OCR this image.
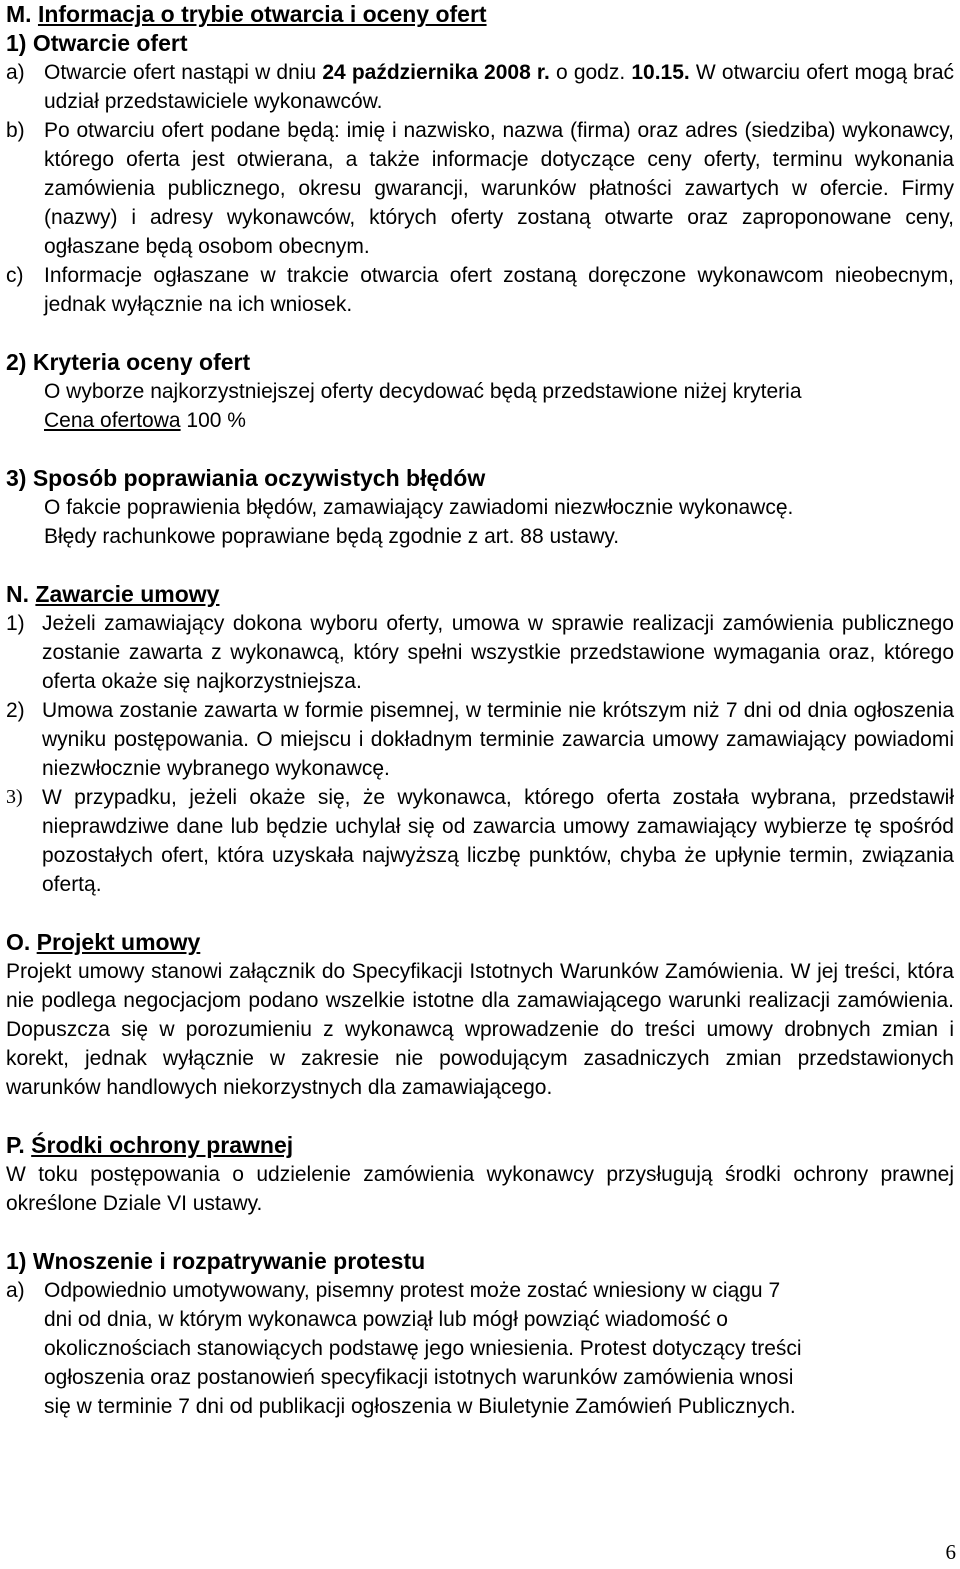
M. Informacja o trybie otwarcia i oceny ofert

1) Otwarcie ofert

a) Otwarcie ofert nastąpi w dniu 24 października 2008 r. o godz. 10.15. W otwarciu ofert mogą brać udział przedstawiciele wykonawców.
b) Po otwarciu ofert podane będą: imię i nazwisko, nazwa (firma) oraz adres (siedziba) wykonawcy, którego oferta jest otwierana, a także informacje dotyczące ceny oferty, terminu wykonania zamówienia publicznego, okresu gwarancji, warunków płatności zawartych w ofercie. Firmy (nazwy) i adresy wykonawców, których oferty zostaną otwarte oraz zaproponowane ceny, ogłaszane będą osobom obecnym.
c) Informacje ogłaszane w trakcie otwarcia ofert zostaną doręczone wykonawcom nieobecnym, jednak wyłącznie na ich wniosek.

2) Kryteria oceny ofert

O wyborze najkorzystniejszej oferty decydować będą przedstawione niżej kryteria

Cena ofertowa 100 %

3) Sposób poprawiania oczywistych błędów

O fakcie poprawienia błędów, zamawiający zawiadomi niezwłocznie wykonawcę.

Błędy rachunkowe poprawiane będą zgodnie z art. 88 ustawy.

N. Zawarcie umowy

1) Jeżeli zamawiający dokona wyboru oferty, umowa w sprawie realizacji zamówienia publicznego zostanie zawarta z wykonawcą, który spełni wszystkie przedstawione wymagania oraz, którego oferta okaże się najkorzystniejsza.
2) Umowa zostanie zawarta w formie pisemnej, w terminie nie krótszym niż 7 dni od dnia ogłoszenia wyniku postępowania. O miejscu i dokładnym terminie zawarcia umowy zamawiający powiadomi niezwłocznie wybranego wykonawcę.
3) W przypadku, jeżeli okaże się, że wykonawca, którego oferta została wybrana, przedstawił nieprawdziwe dane lub będzie uchylał się od zawarcia umowy zamawiający wybierze tę spośród pozostałych ofert, która uzyskała najwyższą liczbę punktów, chyba że upłynie termin, związania ofertą.

O. Projekt umowy

Projekt umowy stanowi załącznik do Specyfikacji Istotnych Warunków Zamówienia. W jej treści, która nie podlega negocjacjom podano wszelkie istotne dla zamawiającego warunki realizacji zamówienia. Dopuszcza się w porozumieniu z wykonawcą wprowadzenie do treści umowy drobnych zmian i korekt, jednak wyłącznie w zakresie nie powodującym zasadniczych zmian przedstawionych warunków handlowych niekorzystnych dla zamawiającego.

P. Środki ochrony prawnej

W toku postępowania o udzielenie zamówienia wykonawcy przysługują środki ochrony prawnej określone Dziale VI ustawy.

1) Wnoszenie i rozpatrywanie protestu

a) Odpowiednio umotywowany, pisemny protest może zostać wniesiony w ciągu 7
dni od dnia, w którym wykonawca powziął lub mógł powziąć wiadomość o
okolicznościach stanowiących podstawę jego wniesienia. Protest dotyczący treści
ogłoszenia oraz postanowień specyfikacji istotnych warunków zamówienia wnosi
się w terminie 7 dni od publikacji ogłoszenia w Biuletynie Zamówień Publicznych.
6
